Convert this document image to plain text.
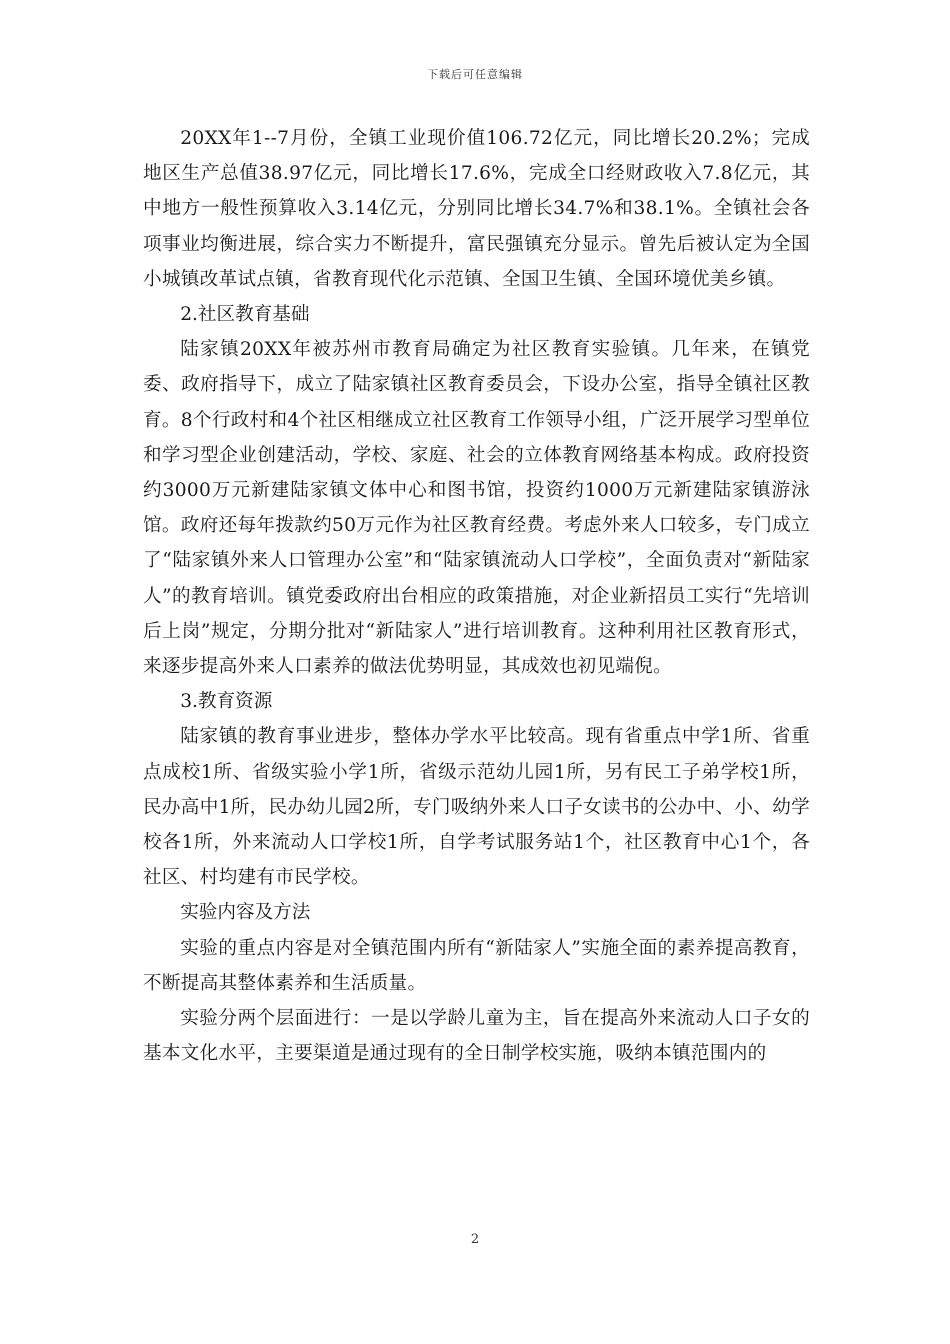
下载后可任意编辑

20XX年1--7月份，全镇工业现价值106.72亿元，同比增长20.2%；完成地区生产总值38.97亿元，同比增长17.6%，完成全口经财政收入7.8亿元，其中地方一般性预算收入3.14亿元，分别同比增长34.7%和38.1%。全镇社会各项事业均衡进展，综合实力不断提升，富民强镇充分显示。曾先后被认定为全国小城镇改革试点镇，省教育现代化示范镇、全国卫生镇、全国环境优美乡镇。

2.社区教育基础

陆家镇20XX年被苏州市教育局确定为社区教育实验镇。几年来，在镇党委、政府指导下，成立了陆家镇社区教育委员会，下设办公室，指导全镇社区教育。8个行政村和4个社区相继成立社区教育工作领导小组，广泛开展学习型单位和学习型企业创建活动，学校、家庭、社会的立体教育网络基本构成。政府投资约3000万元新建陆家镇文体中心和图书馆，投资约1000万元新建陆家镇游泳馆。政府还每年拨款约50万元作为社区教育经费。考虑外来人口较多，专门成立了“陆家镇外来人口管理办公室”和“陆家镇流动人口学校”，全面负责对“新陆家人”的教育培训。镇党委政府出台相应的政策措施，对企业新招员工实行“先培训后上岗”规定，分期分批对“新陆家人”进行培训教育。这种利用社区教育形式，来逐步提高外来人口素养的做法优势明显，其成效也初见端倪。

3.教育资源

陆家镇的教育事业进步，整体办学水平比较高。现有省重点中学1所、省重点成校1所、省级实验小学1所，省级示范幼儿园1所，另有民工子弟学校1所，民办高中1所，民办幼儿园2所，专门吸纳外来人口子女读书的公办中、小、幼学校各1所，外来流动人口学校1所，自学考试服务站1个，社区教育中心1个，各社区、村均建有市民学校。

实验内容及方法

实验的重点内容是对全镇范围内所有“新陆家人”实施全面的素养提高教育，不断提高其整体素养和生活质量。

实验分两个层面进行：一是以学龄儿童为主，旨在提高外来流动人口子女的基本文化水平，主要渠道是通过现有的全日制学校实施，吸纳本镇范围内的

2
